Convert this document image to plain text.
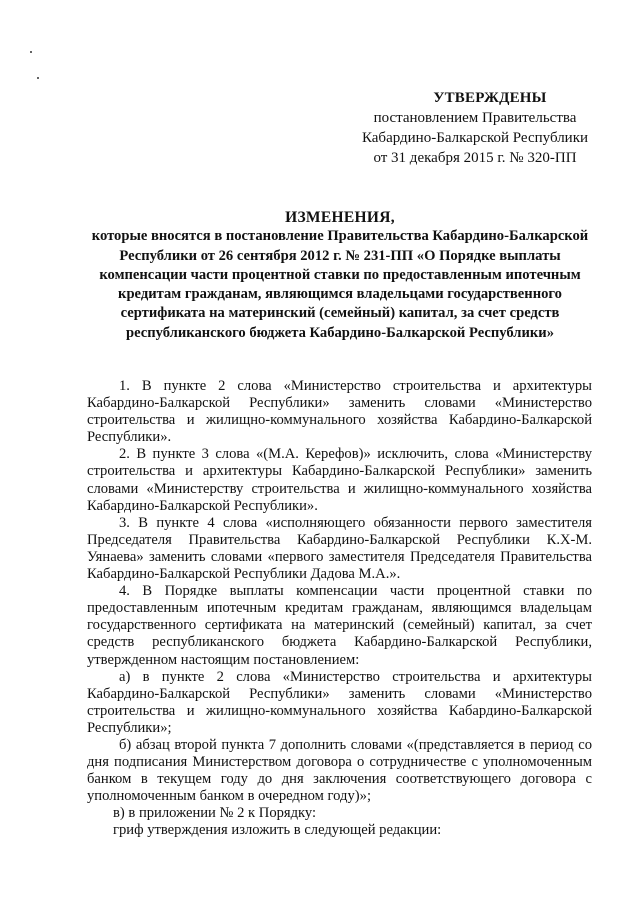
УТВЕРЖДЕНЫ
постановлением Правительства
Кабардино-Балкарской Республики
от 31 декабря 2015 г. № 320-ПП
ИЗМЕНЕНИЯ,
которые вносятся в постановление Правительства Кабардино-Балкарской Республики от 26 сентября 2012 г. № 231-ПП «О Порядке выплаты компенсации части процентной ставки по предоставленным ипотечным кредитам гражданам, являющимся владельцами государственного сертификата на материнский (семейный) капитал, за счет средств республиканского бюджета Кабардино-Балкарской Республики»

1. В пункте 2 слова «Министерство строительства и архитектуры Кабардино-Балкарской Республики» заменить словами «Министерство строительства и жилищно-коммунального хозяйства Кабардино-Балкарской Республики».

2. В пункте 3 слова «(М.А. Керефов)» исключить, слова «Министерству строительства и архитектуры Кабардино-Балкарской Республики» заменить словами «Министерству строительства и жилищно-коммунального хозяйства Кабардино-Балкарской Республики».

3. В пункте 4 слова «исполняющего обязанности первого заместителя Председателя Правительства Кабардино-Балкарской Республики К.Х-М. Уянаева» заменить словами «первого заместителя Председателя Правительства Кабардино-Балкарской Республики Дадова М.А.».

4. В Порядке выплаты компенсации части процентной ставки по предоставленным ипотечным кредитам гражданам, являющимся владельцам государственного сертификата на материнский (семейный) капитал, за счет средств республиканского бюджета Кабардино-Балкарской Республики, утвержденном настоящим постановлением:

а) в пункте 2 слова «Министерство строительства и архитектуры Кабардино-Балкарской Республики» заменить словами «Министерство строительства и жилищно-коммунального хозяйства Кабардино-Балкарской Республики»;

б) абзац второй пункта 7 дополнить словами «(представляется в период со дня подписания Министерством договора о сотрудничестве с уполномоченным банком в текущем году до дня заключения соответствующего договора с уполномоченным банком в очередном году)»;

в) в приложении № 2 к Порядку:

гриф утверждения изложить в следующей редакции:
